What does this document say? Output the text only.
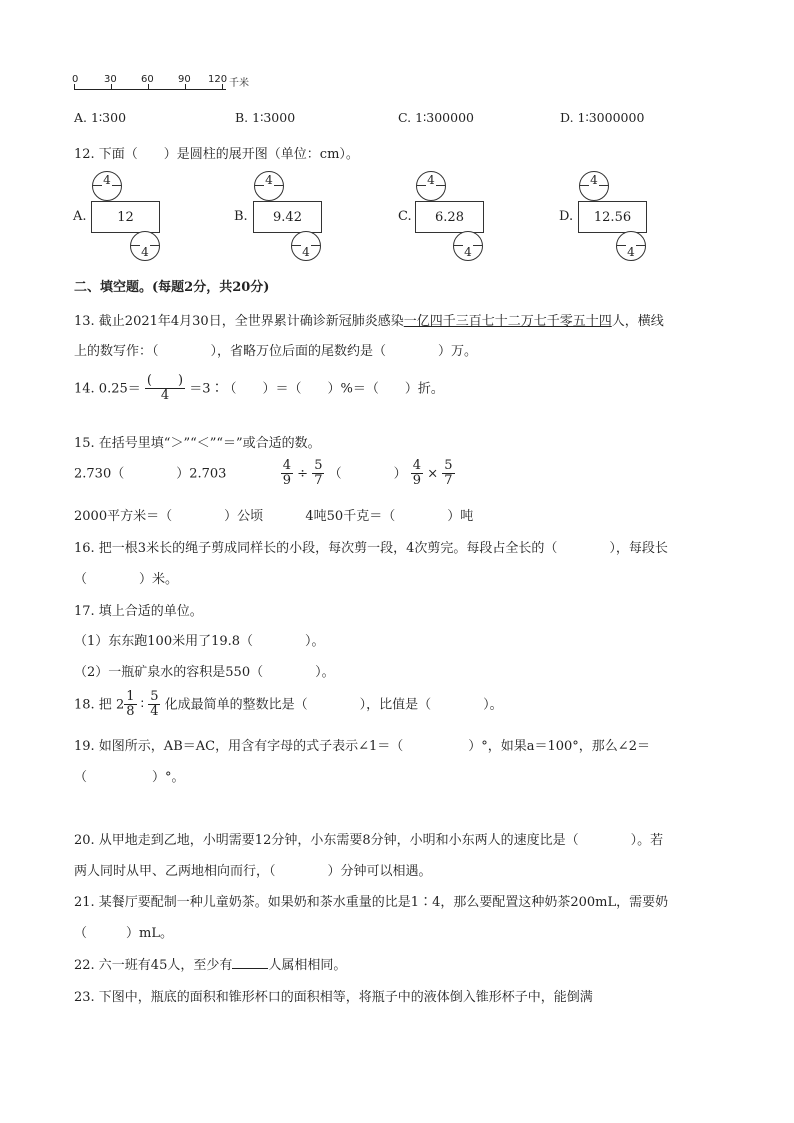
0	30 60 90 120 千米
A. 1∶300	B. 1∶3000	C. 1∶300000	D. 1∶3000000
12. 下面（　　）是圆柱的展开图（单位：cm）。
A.
4
12
4
B.
4
9.42
4
C.
4
6.28
4
D.
4
12.56
4
二、填空题。(每题2分，共20分)
13. 截止2021年4月30日，全世界累计确诊新冠肺炎感染一亿四千三百七十二万七千零五十四人，横线
上的数写作：（　　　　），省略万位后面的尾数约是（　　　　）万。
14. $0.25= \frac{( )}{4}$ ＝3∶（　　）＝（　　）%＝（　　）折。
15. 在括号里填“＞”“＜”“＝”或合适的数。
2.730（　　　　）2.703	$\frac{4}{9} \div \frac{5}{7}$ （　　　　） $\frac{4}{9} \times \frac{5}{7}$
2000平方米＝（　　　　）公顷	4吨50千克＝（　　　　）吨
16. 把一根3米长的绳子剪成同样长的小段，每次剪一段，4次剪完。每段占全长的（　　　　），每段长
（　　　　）米。
17. 填上合适的单位。
（1）东东跑100米用了19.8（　　　　）。
（2）一瓶矿泉水的容积是550（　　　　）。
18. 把 $2 \frac{1}{8}$ ∶ $\frac{5}{4}$ 化成最简单的整数比是（　　　　），比值是（　　　　）。
19. 如图所示，AB＝AC，用含有字母的式子表示∠1＝（　　　　　）°，如果a＝100°，那么∠2＝
（　　　　　）°。
20. 从甲地走到乙地，小明需要12分钟，小东需要8分钟，小明和小东两人的速度比是（　　　　）。若
两人同时从甲、乙两地相向而行，（　　　　）分钟可以相遇。
21. 某餐厅要配制一种儿童奶茶。如果奶和茶水重量的比是1∶4，那么要配置这种奶茶200mL，需要奶
（　　　）mL。
22. 六一班有45人，至少有	人属相相同。
23. 下图中，瓶底的面积和锥形杯口的面积相等，将瓶子中的液体倒入锥形杯子中，能倒满
